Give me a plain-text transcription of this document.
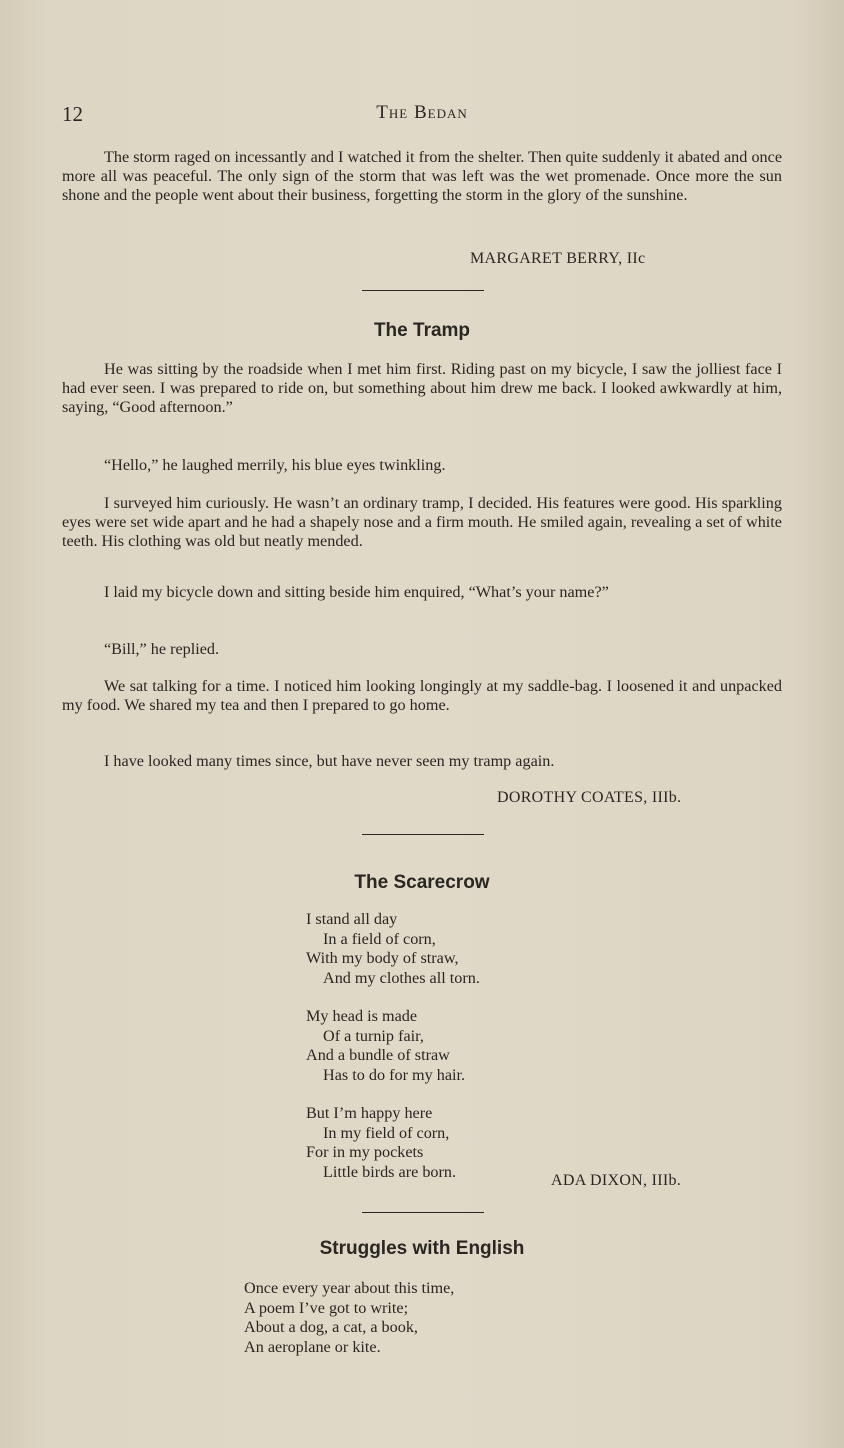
12	The Bedan

The storm raged on incessantly and I watched it from the shelter. Then quite suddenly it abated and once more all was peaceful. The only sign of the storm that was left was the wet promenade. Once more the sun shone and the people went about their business, forgetting the storm in the glory of the sunshine.

MARGARET BERRY, IIc
The Tramp

He was sitting by the roadside when I met him first. Riding past on my bicycle, I saw the jolliest face I had ever seen. I was prepared to ride on, but something about him drew me back. I looked awkwardly at him, saying, “Good afternoon.”

“Hello,” he laughed merrily, his blue eyes twinkling.

I surveyed him curiously. He wasn’t an ordinary tramp, I decided. His features were good. His sparkling eyes were set wide apart and he had a shapely nose and a firm mouth. He smiled again, revealing a set of white teeth. His clothing was old but neatly mended.

I laid my bicycle down and sitting beside him enquired, “What’s your name?”

“Bill,” he replied.

We sat talking for a time. I noticed him looking longingly at my saddle-bag. I loosened it and unpacked my food. We shared my tea and then I prepared to go home.

I have looked many times since, but have never seen my tramp again.

DOROTHY COATES, IIIb.
The Scarecrow
I stand all day
In a field of corn,
With my body of straw,
And my clothes all torn.
My head is made
Of a turnip fair,
And a bundle of straw
Has to do for my hair.
But I’m happy here
In my field of corn,
For in my pockets
Little birds are born.	ADA DIXON, IIIb.
Struggles with English
Once every year about this time,
A poem I’ve got to write;
About a dog, a cat, a book,
An aeroplane or kite.
